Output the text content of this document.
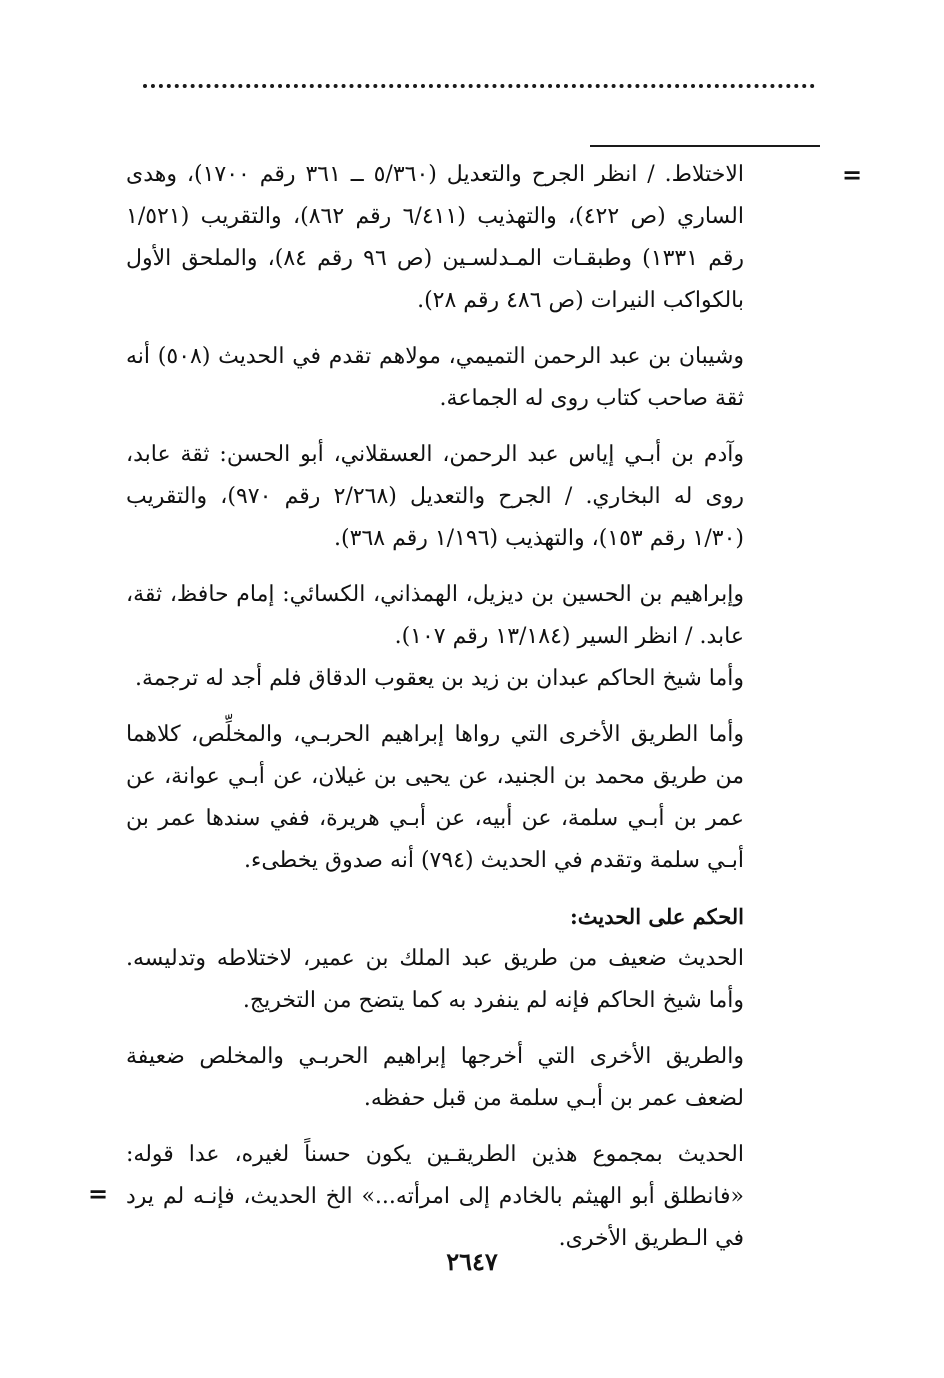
=

الاختلاط. / انظر الجرح والتعديل (٥/٣٦٠ ــ ٣٦١ رقم ١٧٠٠)، وهدى الساري (ص ٤٢٢)، والتهذيب (٦/٤١١ رقم ٨٦٢)، والتقريب (١/٥٢١ رقم ١٣٣١) وطبقـات المـدلسـين (ص ٩٦ رقم ٨٤)، والملحق الأول بالكواكب النيرات (ص ٤٨٦ رقم ٢٨).

وشيبان بن عبد الرحمن التميمي، مولاهم تقدم في الحديث (٥٠٨) أنه ثقة صاحب كتاب روى له الجماعة.

وآدم بن أبـي إياس عبد الرحمن، العسقلاني، أبو الحسن: ثقة عابد، روى له البخاري. / الجرح والتعديل (٢/٢٦٨ رقم ٩٧٠)، والتقريب (١/٣٠ رقم ١٥٣)، والتهذيب (١/١٩٦ رقم ٣٦٨).

وإبراهيم بن الحسين بن ديزيل، الهمذاني، الكسائي: إمام حافظ، ثقة، عابد. / انظر السير (١٣/١٨٤ رقم ١٠٧).

وأما شيخ الحاكم عبدان بن زيد بن يعقوب الدقاق فلم أجد له ترجمة.

وأما الطريق الأخرى التي رواها إبراهيم الحربـي، والمخلِّص، كلاهما من طريق محمد بن الجنيد، عن يحيى بن غيلان، عن أبـي عوانة، عن عمر بن أبـي سلمة، عن أبيه، عن أبـي هريرة، ففي سندها عمر بن أبـي سلمة وتقدم في الحديث (٧٩٤) أنه صدوق يخطىء.

الحكم على الحديث:

الحديث ضعيف من طريق عبد الملك بن عمير، لاختلاطه وتدليسه. وأما شيخ الحاكم فإنه لم ينفرد به كما يتضح من التخريج.

والطريق الأخرى التي أخرجها إبراهيم الحربـي والمخلص ضعيفة لضعف عمر بن أبـي سلمة من قبل حفظه.

الحديث بمجموع هذين الطريقـين يكون حسناً لغيره، عدا قوله: «فانطلق أبو الهيثم بالخادم إلى امرأته...» الخ الحديث، فإنـه لم يرد في الـطريق الأخرى.

=
٢٦٤٧
